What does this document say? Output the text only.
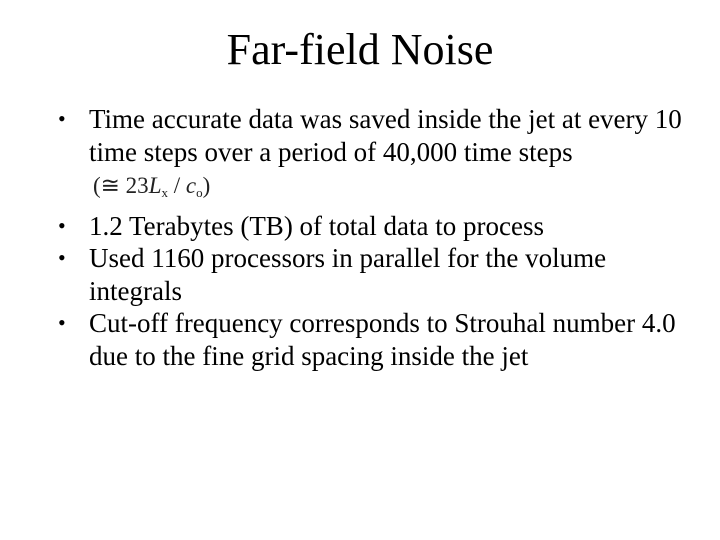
Far-field Noise
• Time accurate data was saved inside the jet at every 10 time steps over a period of 40,000 time steps (≅ $23L_x / c_o$)
• 1.2 Terabytes (TB) of total data to process
• Used 1160 processors in parallel for the volume integrals
• Cut-off frequency corresponds to Strouhal number 4.0 due to the fine grid spacing inside the jet
